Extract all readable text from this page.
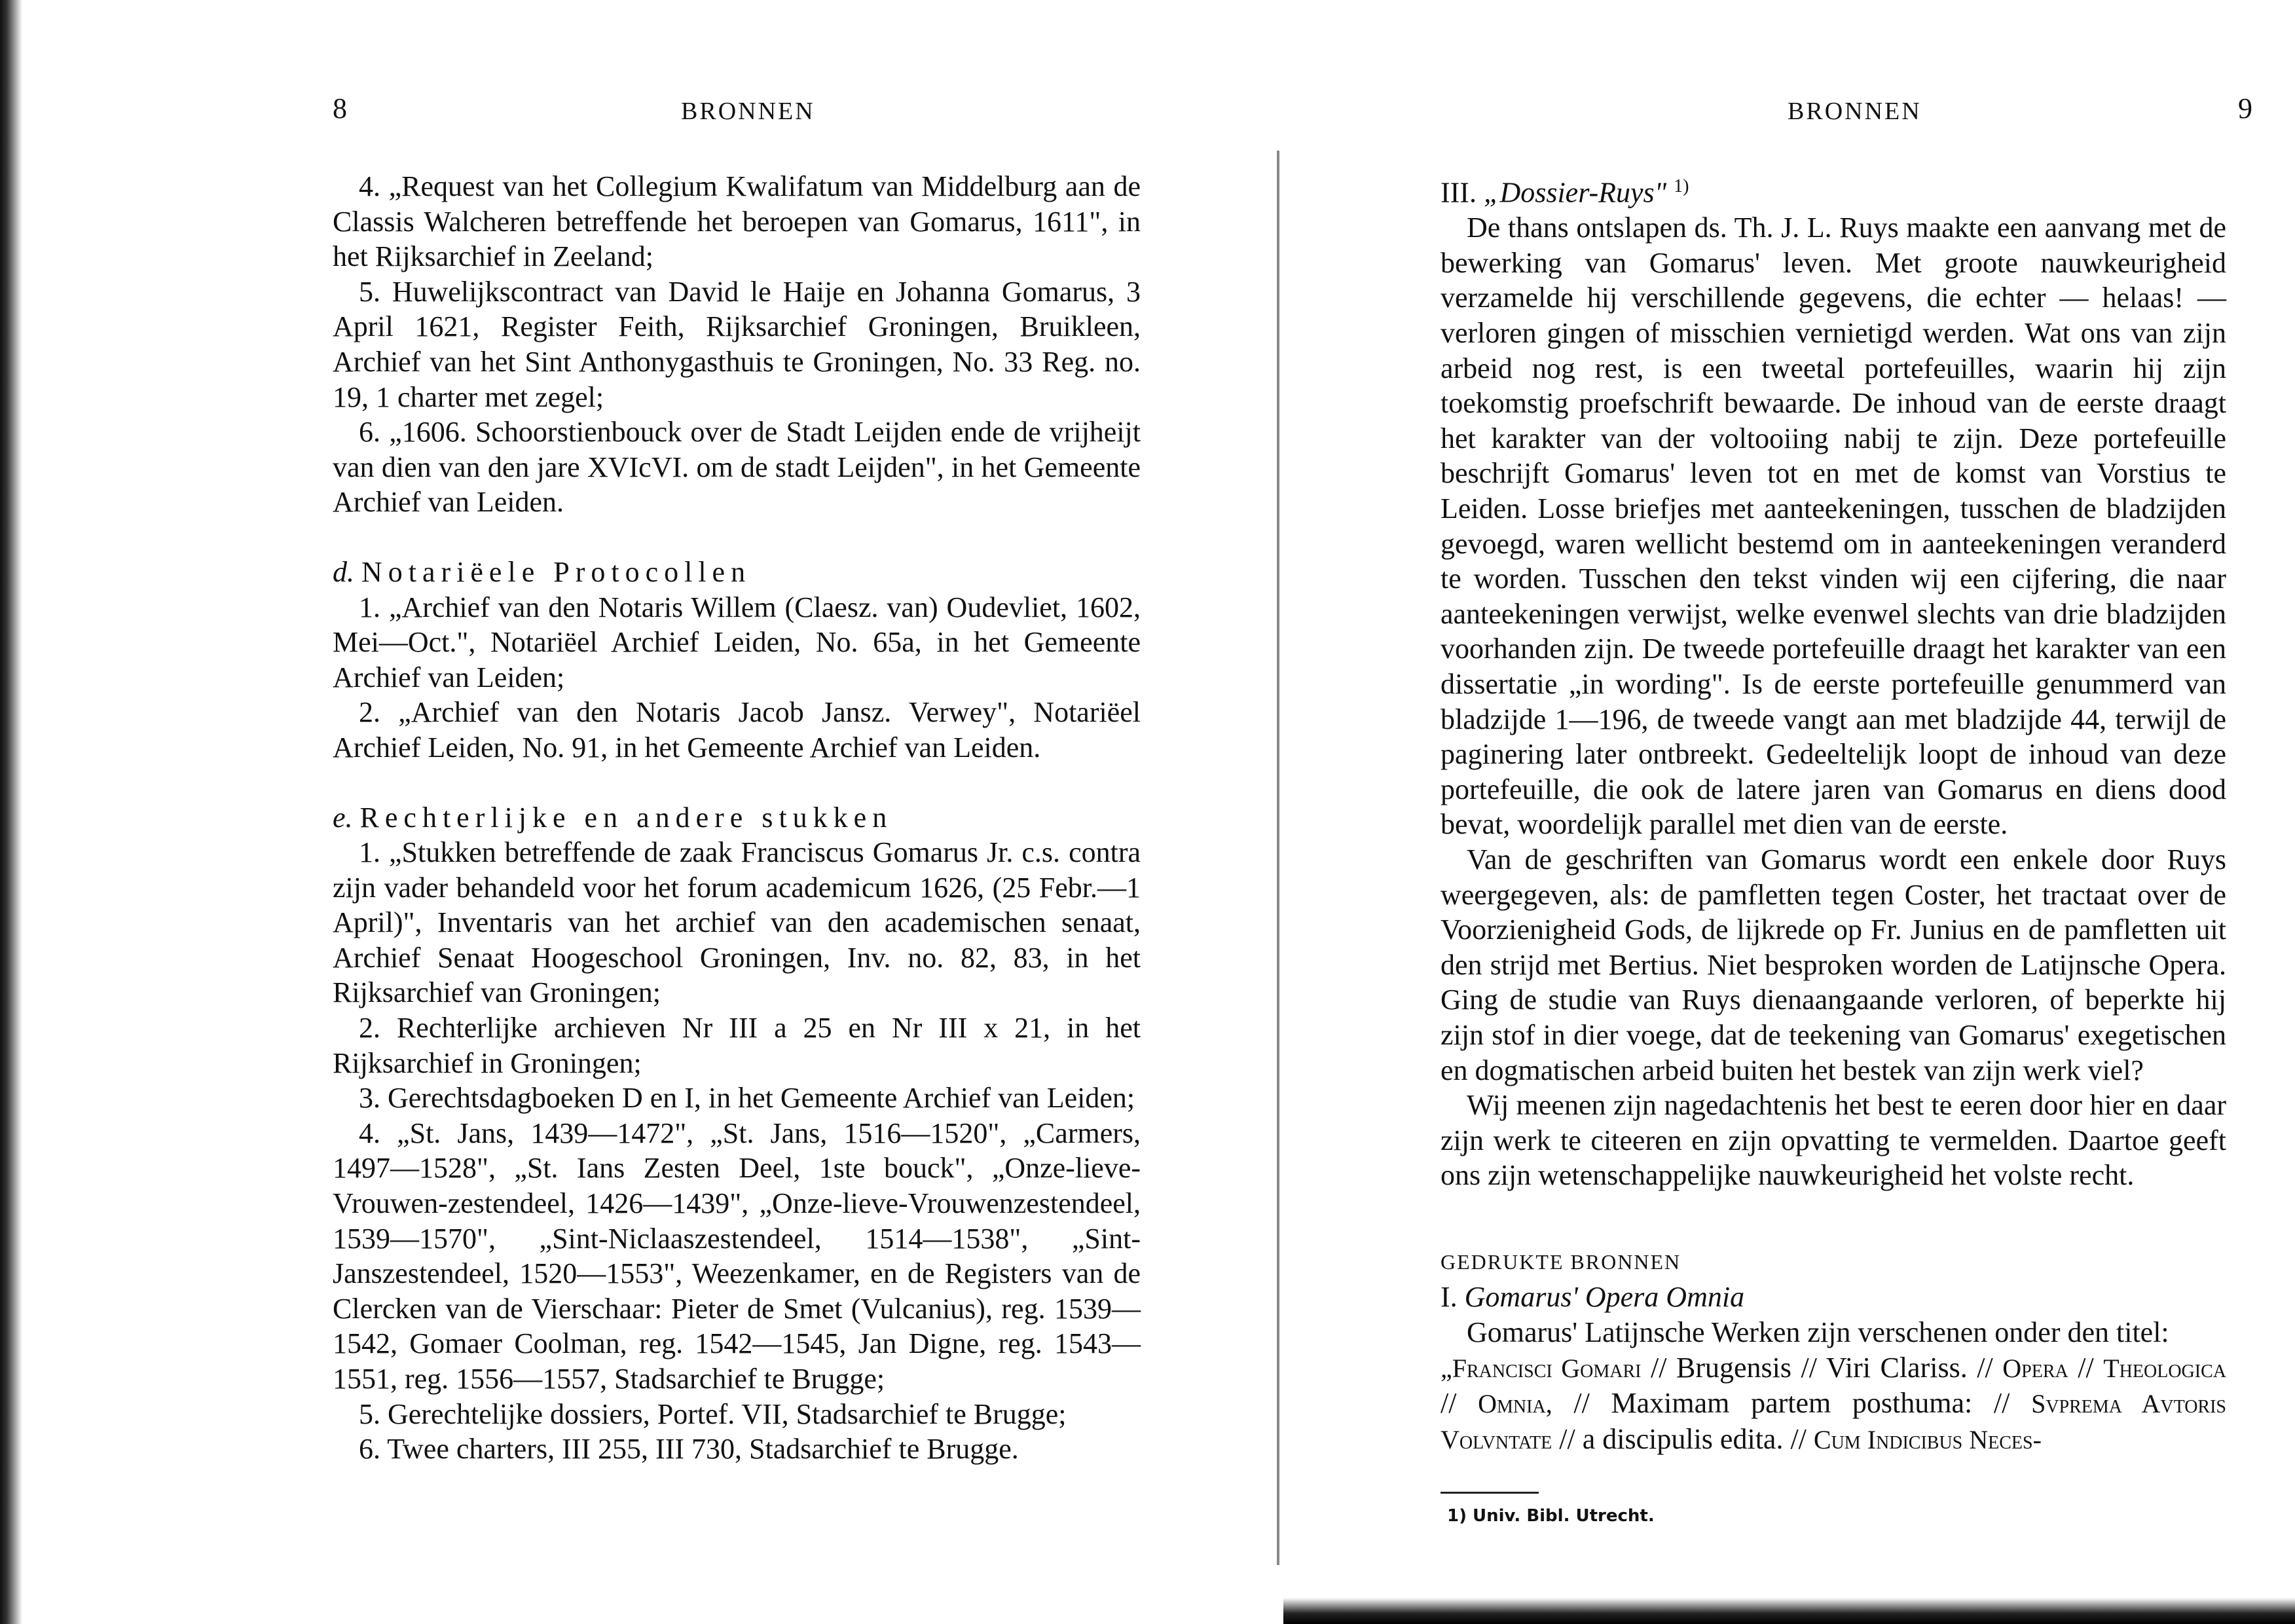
8	BRONNEN

4. „Request van het Collegium Kwalifatum van Middelburg aan de Classis Walcheren betreffende het beroepen van Gomarus, 1611", in het Rijksarchief in Zeeland;

5. Huwelijkscontract van David le Haije en Johanna Gomarus, 3 April 1621, Register Feith, Rijksarchief Groningen, Bruikleen, Archief van het Sint Anthonygasthuis te Groningen, No. 33 Reg. no. 19, 1 charter met zegel;

6. „1606. Schoorstienbouck over de Stadt Leijden ende de vrijheijt van dien van den jare XVIcVI. om de stadt Leijden", in het Gemeente Archief van Leiden.

d. Notariëele Protocollen

1. „Archief van den Notaris Willem (Claesz. van) Oudevliet, 1602, Mei—Oct.", Notariëel Archief Leiden, No. 65a, in het Gemeente Archief van Leiden;

2. „Archief van den Notaris Jacob Jansz. Verwey", Notariëel Archief Leiden, No. 91, in het Gemeente Archief van Leiden.

e. Rechterlijke en andere stukken

1. „Stukken betreffende de zaak Franciscus Gomarus Jr. c.s. contra zijn vader behandeld voor het forum academicum 1626, (25 Febr.—1 April)", Inventaris van het archief van den academischen senaat, Archief Senaat Hoogeschool Groningen, Inv. no. 82, 83, in het Rijksarchief van Groningen;

2. Rechterlijke archieven Nr III a 25 en Nr III x 21, in het Rijksarchief in Groningen;

3. Gerechtsdagboeken D en I, in het Gemeente Archief van Leiden;

4. „St. Jans, 1439—1472", „St. Jans, 1516—1520", „Carmers, 1497—1528", „St. Ians Zesten Deel, 1ste bouck", „Onze-lieve-Vrouwen-zestendeel, 1426—1439", „Onze-lieve-Vrouwenzestendeel, 1539—1570", „Sint-Niclaaszestendeel, 1514—1538", „Sint-Janszestendeel, 1520—1553", Weezenkamer, en de Registers van de Clercken van de Vierschaar: Pieter de Smet (Vulcanius), reg. 1539—1542, Gomaer Coolman, reg. 1542—1545, Jan Digne, reg. 1543—1551, reg. 1556—1557, Stadsarchief te Brugge;

5. Gerechtelijke dossiers, Portef. VII, Stadsarchief te Brugge;

6. Twee charters, III 255, III 730, Stadsarchief te Brugge.

BRONNEN	9

III. „Dossier-Ruys" $^{1)}$

De thans ontslapen ds. Th. J. L. Ruys maakte een aanvang met de bewerking van Gomarus' leven. Met groote nauwkeurigheid verzamelde hij verschillende gegevens, die echter — helaas! — verloren gingen of misschien vernietigd werden. Wat ons van zijn arbeid nog rest, is een tweetal portefeuilles, waarin hij zijn toekomstig proefschrift bewaarde. De inhoud van de eerste draagt het karakter van der voltooiing nabij te zijn. Deze portefeuille beschrijft Gomarus' leven tot en met de komst van Vorstius te Leiden. Losse briefjes met aanteekeningen, tusschen de bladzijden gevoegd, waren wellicht bestemd om in aanteekeningen veranderd te worden. Tusschen den tekst vinden wij een cijfering, die naar aanteekeningen verwijst, welke evenwel slechts van drie bladzijden voorhanden zijn. De tweede portefeuille draagt het karakter van een dissertatie „in wording". Is de eerste portefeuille genummerd van bladzijde 1—196, de tweede vangt aan met bladzijde 44, terwijl de paginering later ontbreekt. Gedeeltelijk loopt de inhoud van deze portefeuille, die ook de latere jaren van Gomarus en diens dood bevat, woordelijk parallel met dien van de eerste.

Van de geschriften van Gomarus wordt een enkele door Ruys weergegeven, als: de pamfletten tegen Coster, het tractaat over de Voorzienigheid Gods, de lijkrede op Fr. Junius en de pamfletten uit den strijd met Bertius. Niet besproken worden de Latijnsche Opera. Ging de studie van Ruys dienaangaande verloren, of beperkte hij zijn stof in dier voege, dat de teekening van Gomarus' exegetischen en dogmatischen arbeid buiten het bestek van zijn werk viel?

Wij meenen zijn nagedachtenis het best te eeren door hier en daar zijn werk te citeeren en zijn opvatting te vermelden. Daartoe geeft ons zijn wetenschappelijke nauwkeurigheid het volste recht.

GEDRUKTE BRONNEN

I. Gomarus' Opera Omnia

Gomarus' Latijnsche Werken zijn verschenen onder den titel:

„Francisci Gomari // Brugensis // Viri Clariss. // Opera // Theologica // Omnia, // Maximam partem posthuma: // Svprema Avtoris Volvntate // a discipulis edita. // Cum Indicibus Neces-

1) Univ. Bibl. Utrecht.
